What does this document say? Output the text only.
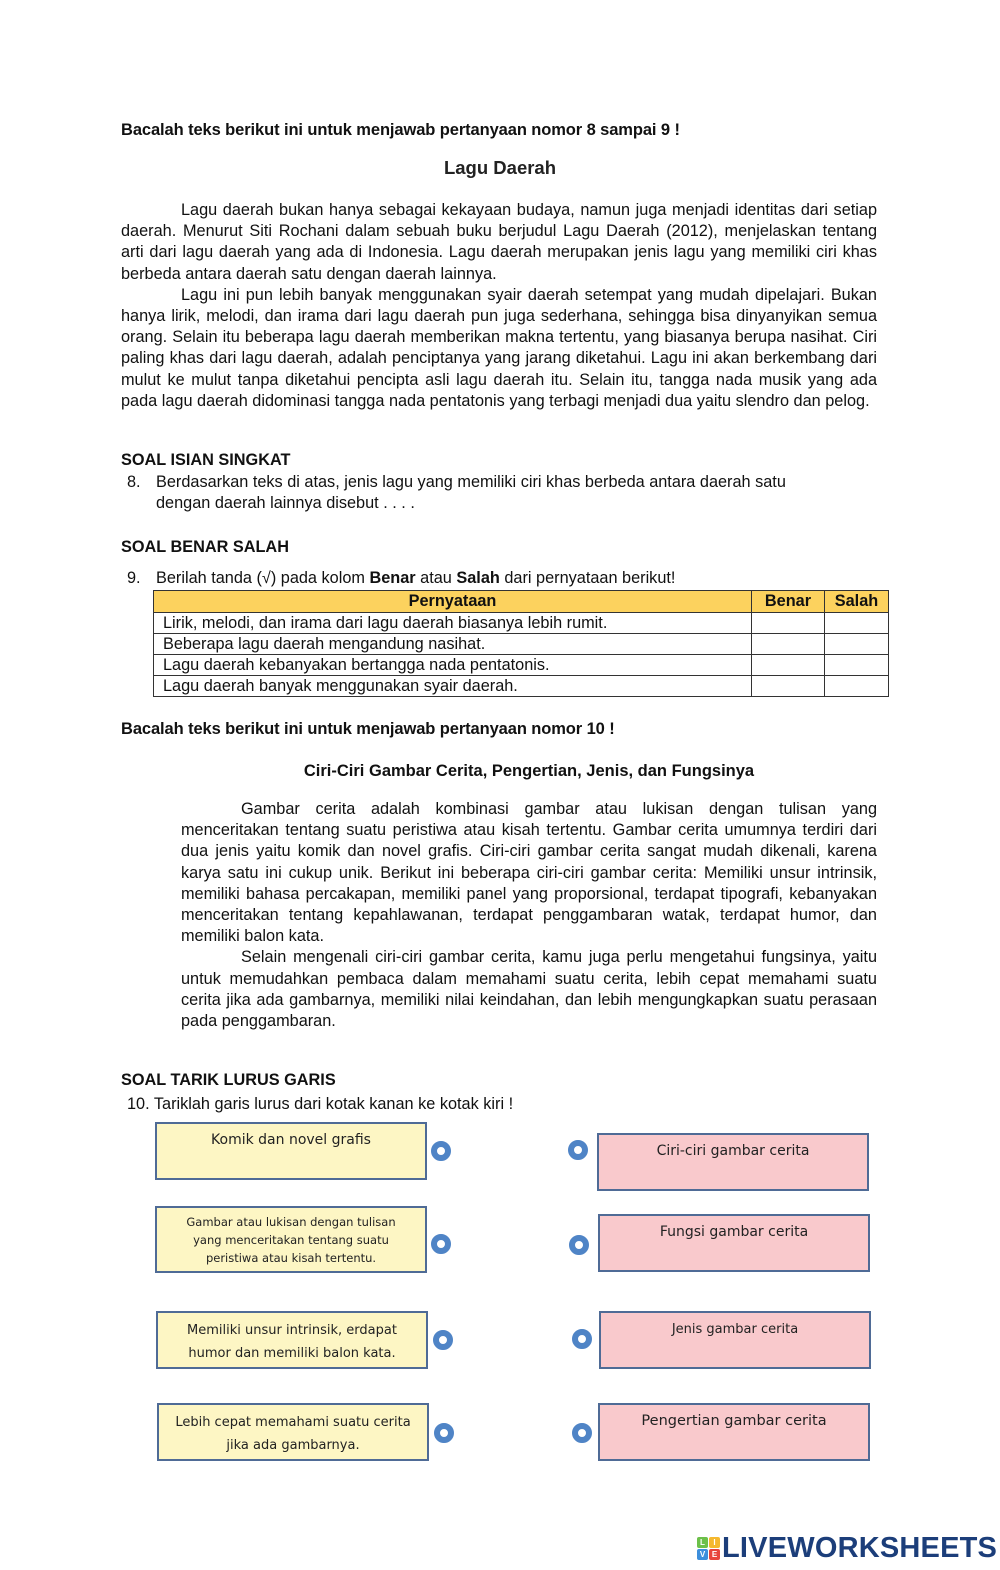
Bacalah teks berikut ini untuk menjawab pertanyaan nomor 8 sampai 9 !
Lagu Daerah

Lagu daerah bukan hanya sebagai kekayaan budaya, namun juga menjadi identitas dari setiap daerah. Menurut Siti Rochani dalam sebuah buku berjudul Lagu Daerah (2012), menjelaskan tentang arti dari lagu daerah yang ada di Indonesia. Lagu daerah merupakan jenis lagu yang memiliki ciri khas berbeda antara daerah satu dengan daerah lainnya.

Lagu ini pun lebih banyak menggunakan syair daerah setempat yang mudah dipelajari. Bukan hanya lirik, melodi, dan irama dari lagu daerah pun juga sederhana, sehingga bisa dinyanyikan semua orang. Selain itu beberapa lagu daerah memberikan makna tertentu, yang biasanya berupa nasihat. Ciri paling khas dari lagu daerah, adalah penciptanya yang jarang diketahui. Lagu ini akan berkembang dari mulut ke mulut tanpa diketahui pencipta asli lagu daerah itu. Selain itu, tangga nada musik yang ada pada lagu daerah didominasi tangga nada pentatonis yang terbagi menjadi dua yaitu slendro dan pelog.

SOAL ISIAN SINGKAT
8. Berdasarkan teks di atas, jenis lagu yang memiliki ciri khas berbeda antara daerah satu
dengan daerah lainnya disebut . . . .
SOAL BENAR SALAH
9. Berilah tanda (√) pada kolom Benar atau Salah dari pernyataan berikut!
Pernyataan	Benar	Salah
Lirik, melodi, dan irama dari lagu daerah biasanya lebih rumit.		
Beberapa lagu daerah mengandung nasihat.		
Lagu daerah kebanyakan bertangga nada pentatonis.		
Lagu daerah banyak menggunakan syair daerah.		
Bacalah teks berikut ini untuk menjawab pertanyaan nomor 10 !
Ciri-Ciri Gambar Cerita, Pengertian, Jenis, dan Fungsinya

Gambar cerita adalah kombinasi gambar atau lukisan dengan tulisan yang menceritakan tentang suatu peristiwa atau kisah tertentu. Gambar cerita umumnya terdiri dari dua jenis yaitu komik dan novel grafis. Ciri-ciri gambar cerita sangat mudah dikenali, karena karya satu ini cukup unik. Berikut ini beberapa ciri-ciri gambar cerita: Memiliki unsur intrinsik, memiliki bahasa percakapan, memiliki panel yang proporsional, terdapat tipografi, kebanyakan menceritakan tentang kepahlawanan, terdapat penggambaran watak, terdapat humor, dan memiliki balon kata.

Selain mengenali ciri-ciri gambar cerita, kamu juga perlu mengetahui fungsinya, yaitu untuk memudahkan pembaca dalam memahami suatu cerita, lebih cepat memahami suatu cerita jika ada gambarnya, memiliki nilai keindahan, dan lebih mengungkapkan suatu perasaan pada penggambaran.

SOAL TARIK LURUS GARIS
10. Tariklah garis lurus dari kotak kanan ke kotak kiri !
Komik dan novel grafis
Gambar atau lukisan dengan tulisan yang menceritakan tentang suatu peristiwa atau kisah tertentu.
Memiliki unsur intrinsik, erdapat humor dan memiliki balon kata.
Lebih cepat memahami suatu cerita jika ada gambarnya.
Ciri-ciri gambar cerita
Fungsi gambar cerita
Jenis gambar cerita
Pengertian gambar cerita
L	I
V E LIVEWORKSHEETS
